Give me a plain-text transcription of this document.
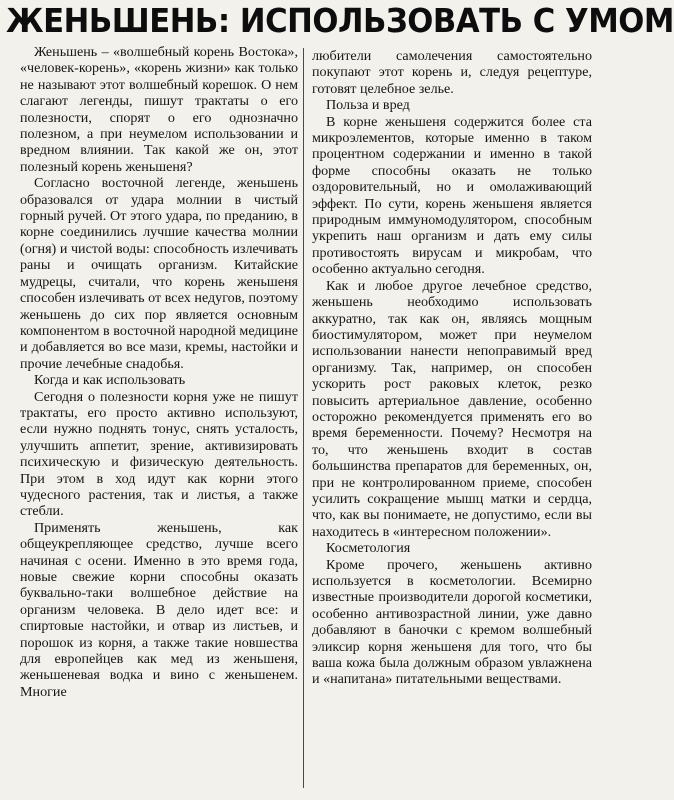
ЖЕНЬШЕНЬ: ИСПОЛЬЗОВАТЬ С УМОМ

Женьшень – «волшебный корень Востока», «человек-корень», «корень жизни» как только не называют этот волшебный корешок. О нем слагают легенды, пишут трактаты о его полезности, спорят о его однозначно полезном, а при неумелом использовании и вредном влиянии. Так какой же он, этот полезный корень женьшеня?

Согласно восточной легенде, женьшень образовался от удара молнии в чистый горный ручей. От этого удара, по преданию, в корне соединились лучшие качества молнии (огня) и чистой воды: способность излечивать раны и очищать организм. Китайские мудрецы, считали, что корень женьшеня способен излечивать от всех недугов, поэтому женьшень до сих пор является основным компонентом в восточной народной медицине и добавляется во все мази, кремы, настойки и прочие лечебные снадобья.

Когда и как использовать

Сегодня о полезности корня уже не пишут трактаты, его просто активно используют, если нужно поднять тонус, снять усталость, улучшить аппетит, зрение, активизировать психическую и физическую деятельность. При этом в ход идут как корни этого чудесного растения, так и листья, а также стебли.

Применять женьшень, как общеукрепляющее средство, лучше всего начиная с осени. Именно в это время года, новые свежие корни способны оказать буквально-таки волшебное действие на организм человека. В дело идет все: и спиртовые настойки, и отвар из листьев, и порошок из корня, а также такие новшества для европейцев как мед из женьшеня, женьшеневая водка и вино с женьшенем. Многие

любители самолечения самостоятельно покупают этот корень и, следуя рецептуре, готовят целебное зелье.

Польза и вред

В корне женьшеня содержится более ста микроэлементов, которые именно в таком процентном содержании и именно в такой форме способны оказать не только оздоровительный, но и омолаживающий эффект. По сути, корень женьшеня является природным иммуномодулятором, способным укрепить наш организм и дать ему силы противостоять вирусам и микробам, что особенно актуально сегодня.

Как и любое другое лечебное средство, женьшень необходимо использовать аккуратно, так как он, являясь мощным биостимулятором, может при неумелом использовании нанести непоправимый вред организму. Так, например, он способен ускорить рост раковых клеток, резко повысить артериальное давление, особенно осторожно рекомендуется применять его во время беременности. Почему? Несмотря на то, что женьшень входит в состав большинства препаратов для беременных, он, при не контролированном приеме, способен усилить сокращение мышц матки и сердца, что, как вы понимаете, не допустимо, если вы находитесь в «интересном положении».

Косметология

Кроме прочего, женьшень активно используется в косметологии. Всемирно известные производители дорогой косметики, особенно антивозрастной линии, уже давно добавляют в баночки с кремом волшебный эликсир корня женьшеня для того, что бы ваша кожа была должным образом увлажнена и «напитана» питательными веществами.
